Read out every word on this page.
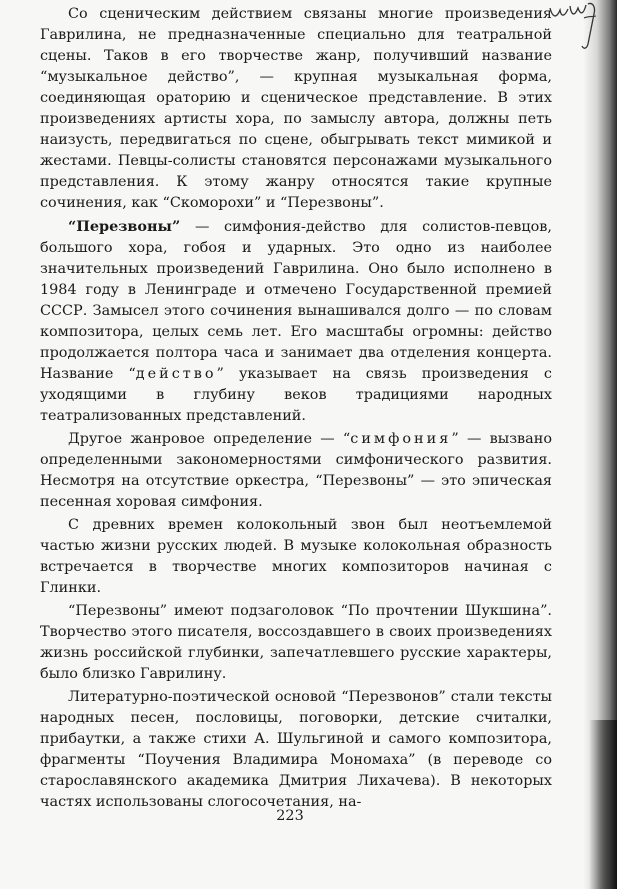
Со сценическим действием связаны многие произведения Гаврилина, не предназначенные специально для театральной сцены. Таков в его творчестве жанр, получивший название “музыкальное действо”, — крупная музыкальная форма, соединяющая ораторию и сценическое представление. В этих произведениях артисты хора, по замыслу автора, должны петь наизусть, передвигаться по сцене, обыгрывать текст мимикой и жестами. Певцы-солисты становятся персонажами музыкального представления. К этому жанру относятся такие крупные сочинения, как “Скоморохи” и “Перезвоны”.

“Перезвоны” — симфония-действо для солистов-певцов, большого хора, гобоя и ударных. Это одно из наиболее значительных произведений Гаврилина. Оно было исполнено в 1984 году в Ленинграде и отмечено Государственной премией СССР. Замысел этого сочинения вынашивался долго — по словам композитора, целых семь лет. Его масштабы огромны: действо продолжается полтора часа и занимает два отделения концерта. Название “действо” указывает на связь произведения с уходящими в глубину веков традициями народных театрализованных представлений.

Другое жанровое определение — “симфония” — вызвано определенными закономерностями симфонического развития. Несмотря на отсутствие оркестра, “Перезвоны” — это эпическая песенная хоровая симфония.

С древних времен колокольный звон был неотъемлемой частью жизни русских людей. В музыке колокольная образность встречается в творчестве многих композиторов начиная с Глинки.

“Перезвоны” имеют подзаголовок “По прочтении Шукшина”. Творчество этого писателя, воссоздавшего в своих произведениях жизнь российской глубинки, запечатлевшего русские характеры, было близко Гаврилину.

Литературно-поэтической основой “Перезвонов” стали тексты народных песен, пословицы, поговорки, детские считалки, прибаутки, а также стихи А. Шульгиной и самого композитора, фрагменты “Поучения Владимира Мономаха” (в переводе со старославянского академика Дмитрия Лихачева). В некоторых частях использованы слогосочетания, на-

223
